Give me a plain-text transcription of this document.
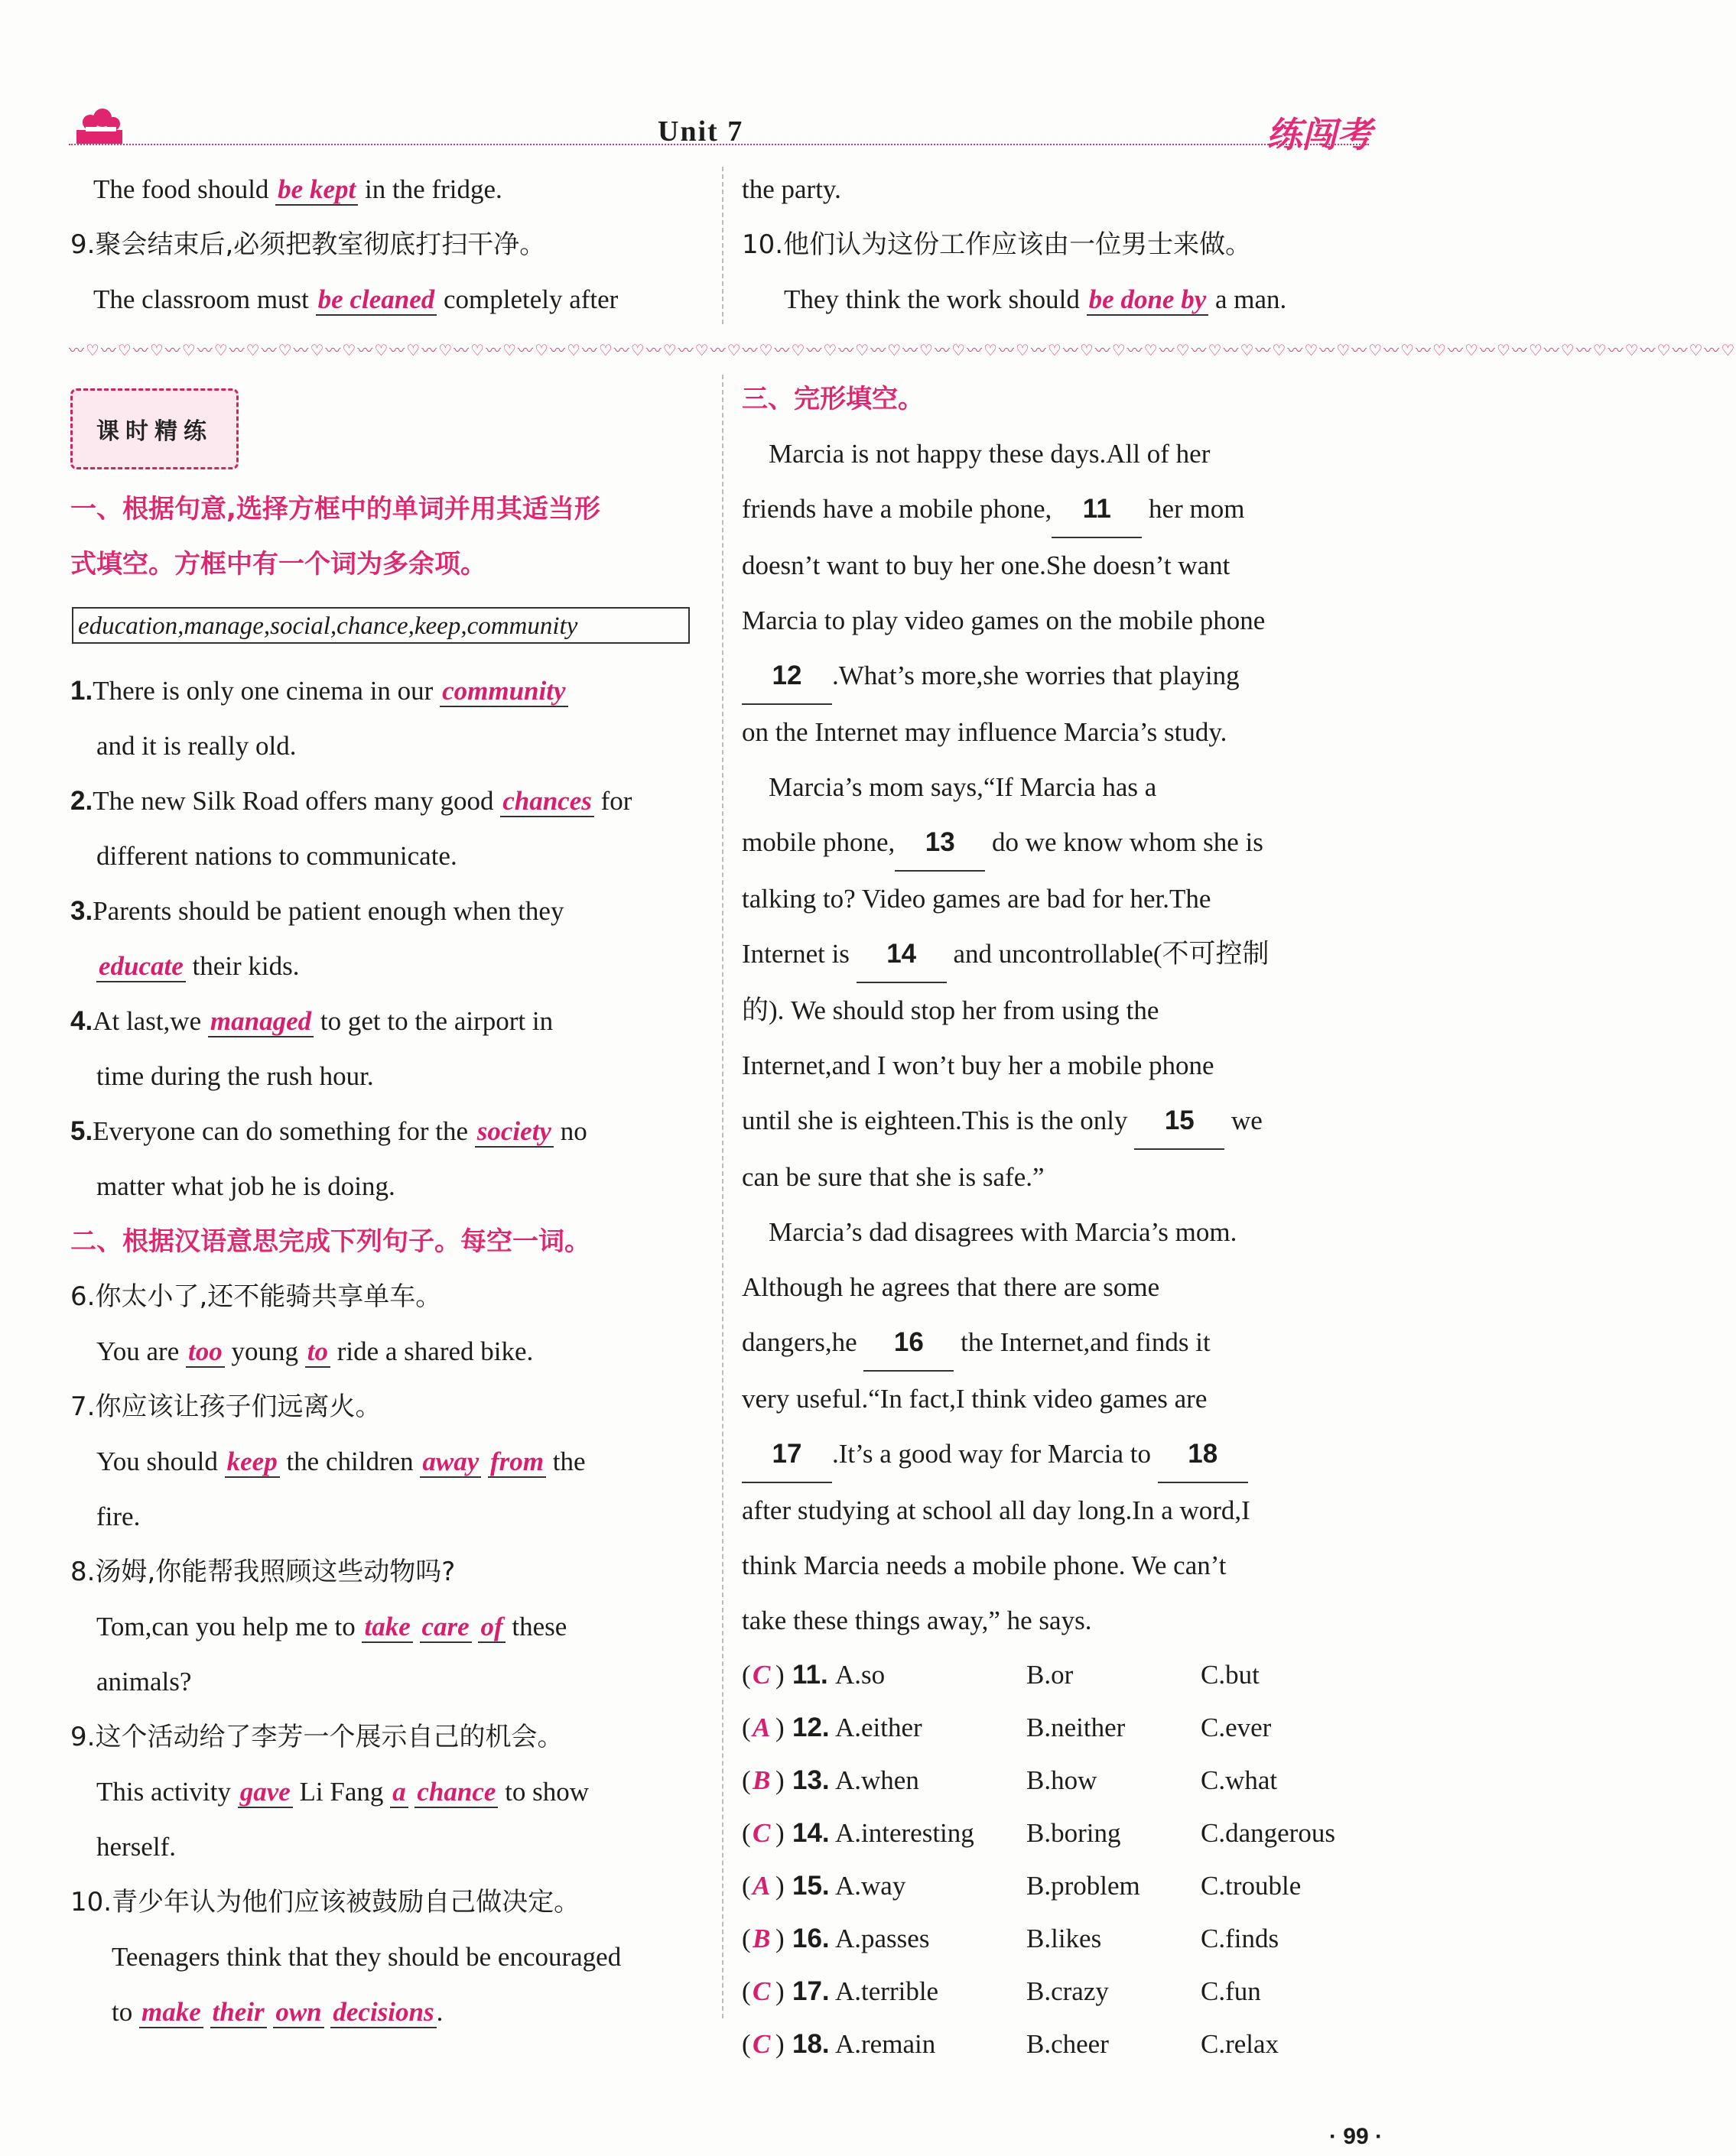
Unit 7	练闯考
The food should be kept in the fridge.
9.聚会结束后,必须把教室彻底打扫干净。
The classroom must be cleaned completely after
the party.
10.他们认为这份工作应该由一位男士来做。
They think the work should be done by a man.
〰♡〰♡〰♡〰♡〰♡〰♡〰♡〰♡〰♡〰♡〰♡〰♡〰♡〰♡〰♡〰♡〰♡〰♡〰♡〰♡〰♡〰♡〰♡〰♡〰♡〰♡〰♡〰♡〰♡〰♡〰♡〰♡〰♡〰♡〰♡〰♡〰♡〰♡〰♡〰♡〰♡〰♡〰♡〰♡〰♡〰♡〰♡〰♡〰♡〰♡〰♡〰♡
课时精练
一、根据句意,选择方框中的单词并用其适当形
式填空。方框中有一个词为多余项。
education,manage,social,chance,keep,community
1.There is only one cinema in our community
and it is really old.
2.The new Silk Road offers many good chances for
different nations to communicate.
3.Parents should be patient enough when they
educate their kids.
4.At last,we managed to get to the airport in
time during the rush hour.
5.Everyone can do something for the society no
matter what job he is doing.
二、根据汉语意思完成下列句子。每空一词。
6.你太小了,还不能骑共享单车。
You are too young to ride a shared bike.
7.你应该让孩子们远离火。
You should keep the children away from the
fire.
8.汤姆,你能帮我照顾这些动物吗?
Tom,can you help me to take care of these
animals?
9.这个活动给了李芳一个展示自己的机会。
This activity gave Li Fang a chance to show
herself.
10.青少年认为他们应该被鼓励自己做决定。
Teenagers think that they should be encouraged
to make their own decisions.
三、完形填空。
Marcia is not happy these days.All of her
friends have a mobile phone, 11 her mom
doesn’t want to buy her one.She doesn’t want
Marcia to play video games on the mobile phone
12 .What’s more,she worries that playing
on the Internet may influence Marcia’s study.
Marcia’s mom says,“If Marcia has a
mobile phone, 13 do we know whom she is
talking to? Video games are bad for her.The
Internet is 14 and uncontrollable(不可控制
的). We should stop her from using the
Internet,and I won’t buy her a mobile phone
until she is eighteen.This is the only 15 we
can be sure that she is safe.”
Marcia’s dad disagrees with Marcia’s mom.
Although he agrees that there are some
dangers,he 16 the Internet,and finds it
very useful.“In fact,I think video games are
17 .It’s a good way for Marcia to 18
after studying at school all day long.In a word,I
think Marcia needs a mobile phone. We can’t
take these things away,” he says.
( C ) 11. A.so	B.or	C.but
( A ) 12. A.either	B.neither	C.ever
( B ) 13. A.when	B.how	C.what
( C ) 14. A.interesting B.boring	C.dangerous
( A ) 15. A.way	B.problem C.trouble
( B ) 16. A.passes	B.likes	C.finds
( C ) 17. A.terrible	B.crazy	C.fun
( C ) 18. A.remain	B.cheer	C.relax
· 99 ·
